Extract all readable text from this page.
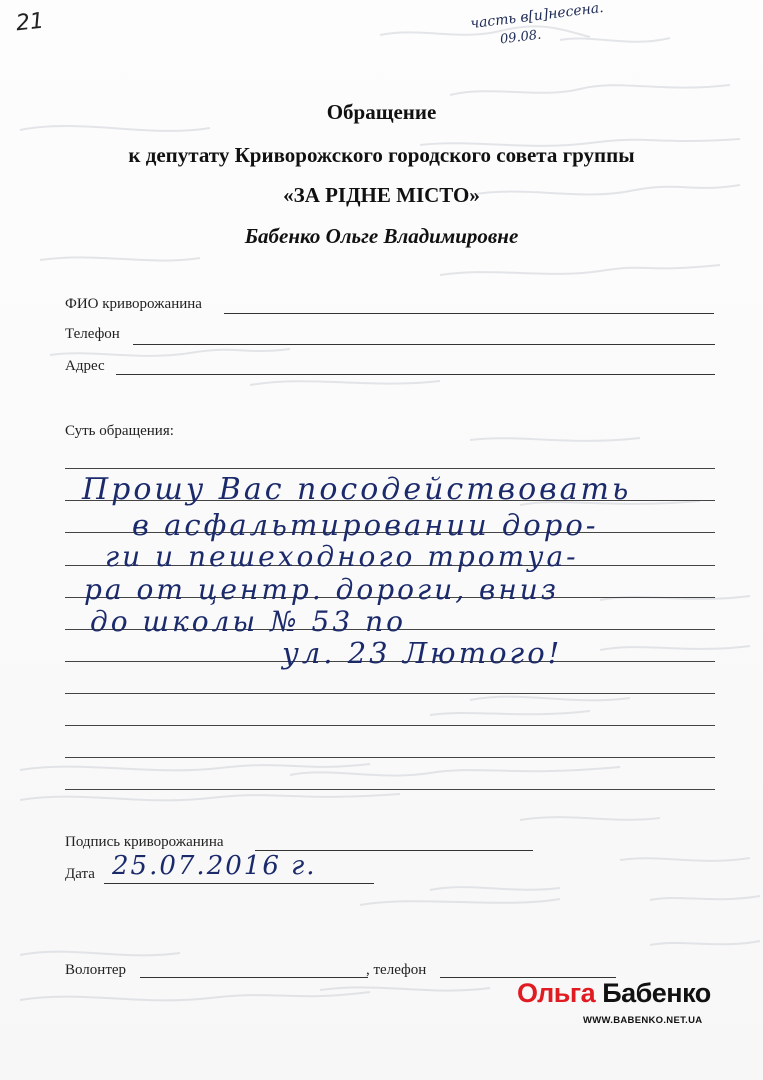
21	часть в[и]несена.
09.08.
Обращение
к депутату Криворожского городского совета группы
«ЗА РІДНЕ МІСТО»
Бабенко Ольге Владимировне
ФИО криворожанина
Телефон
Адрес
Суть обращения:
Прошу Вас посодействовать
в асфальтировании доро-
ги и пешеходного тротуа-
ра от центр. дороги, вниз
до школы № 53 по
ул. 23 Лютого!
Подпись криворожанина
Дата 25.07.2016 г.
Волонтер	, телефон
Ольга Бабенко
WWW.BABENKO.NET.UA
